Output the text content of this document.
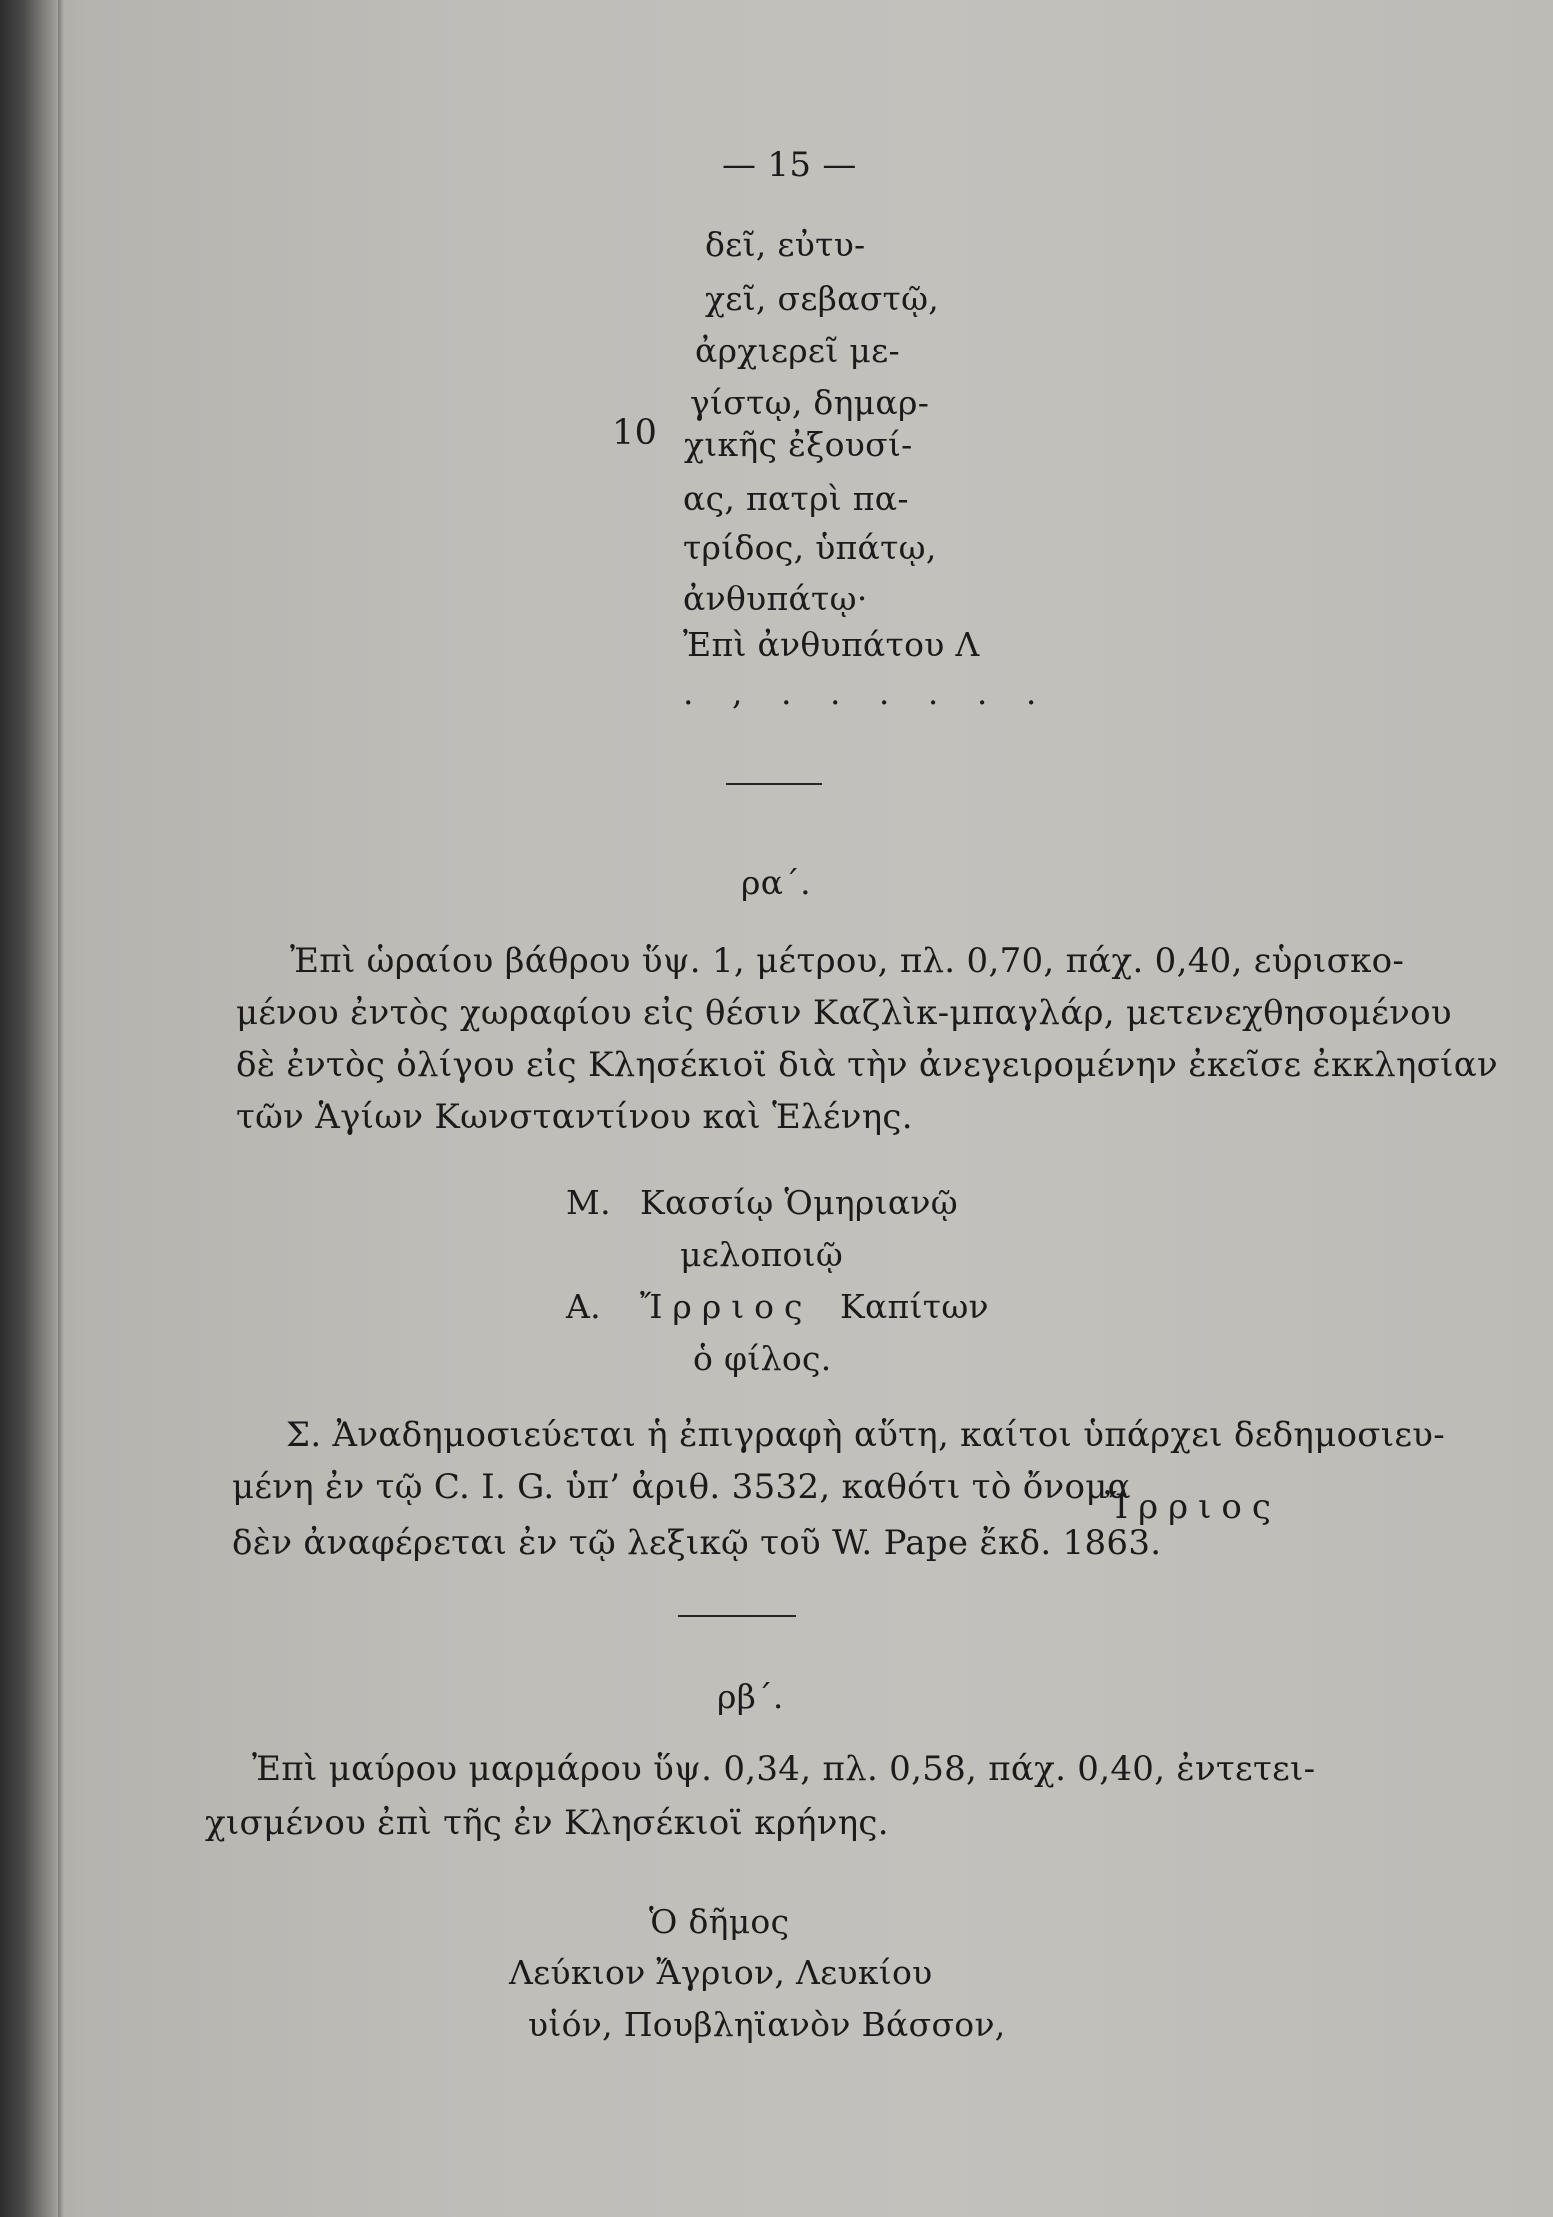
— 15 —
δεῖ, εὐτυ-
χεῖ, σεβαστῷ,
ἀρχιερεῖ με-
γίστῳ, δημαρ-
10 χικῆς ἐξουσί-
ας, πατρὶ πα-
τρίδος, ὑπάτῳ,
ἀνθυπάτῳ·
Ἐπὶ ἀνθυπάτου Λ
. , . . . . . .
ρα΄.
Ἐπὶ ὡραίου βάθρου ὕψ. 1, μέτρου, πλ. 0,70, πάχ. 0,40, εὑρισκο-
μένου ἐντὸς χωραφίου εἰς θέσιν Καζλὶκ-μπαγλάρ, μετενεχθησομένου
δὲ ἐντὸς ὀλίγου εἰς Κλησέκιοϊ διὰ τὴν ἀνεγειρομένην ἐκεῖσε ἐκκλησίαν
τῶν Ἁγίων Κωνσταντίνου καὶ Ἑλένης.
Μ. Κασσίῳ Ὁμηριανῷ
μελοποιῷ
Α. Ἴρριος Καπίτων
ὁ φίλος.
Σ. Ἀναδημοσιεύεται ἡ ἐπιγραφὴ αὕτη, καίτοι ὑπάρχει δεδημοσιευ-
μένη ἐν τῷ C. I. G. ὑπ’ ἀριθ. 3532, καθότι τὸ ὄνομα
Ἴρριος
δὲν ἀναφέρεται ἐν τῷ λεξικῷ τοῦ W. Pape ἔκδ. 1863.
ρβ΄.
Ἐπὶ μαύρου μαρμάρου ὕψ. 0,34, πλ. 0,58, πάχ. 0,40, ἐντετει-
χισμένου ἐπὶ τῆς ἐν Κλησέκιοϊ κρήνης.
Ὁ δῆμος
Λεύκιον Ἄγριον, Λευκίου
υἱόν, Πουβληϊανὸν Βάσσον,
